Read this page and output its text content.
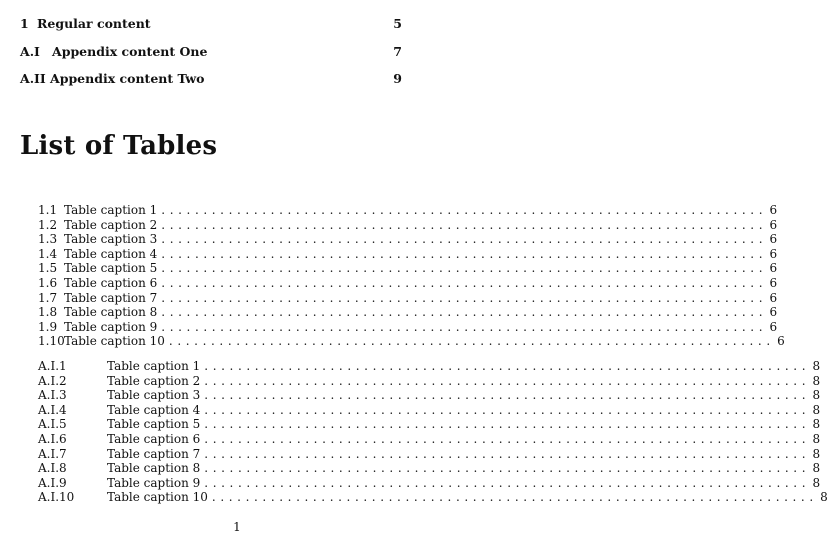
1 Regular content	5
A.I Appendix content One	7
A.II Appendix content Two	9
List of Tables
1.1 Table caption 1 ........................................................................ 6
1.2 Table caption 2 ........................................................................ 6
1.3 Table caption 3 ........................................................................ 6
1.4 Table caption 4 ........................................................................ 6
1.5 Table caption 5 ........................................................................ 6
1.6 Table caption 6 ........................................................................ 6
1.7 Table caption 7 ........................................................................ 6
1.8 Table caption 8 ........................................................................ 6
1.9 Table caption 9 ........................................................................ 6
1.10 Table caption 10 ........................................................................ 6
A.I.1	Table caption 1 ........................................................................ 8
A.I.2	Table caption 2 ........................................................................ 8
A.I.3	Table caption 3 ........................................................................ 8
A.I.4	Table caption 4 ........................................................................ 8
A.I.5	Table caption 5 ........................................................................ 8
A.I.6	Table caption 6 ........................................................................ 8
A.I.7	Table caption 7 ........................................................................ 8
A.I.8	Table caption 8 ........................................................................ 8
A.I.9	Table caption 9 ........................................................................ 8
A.I.10	Table caption 10 ........................................................................ 8
1
